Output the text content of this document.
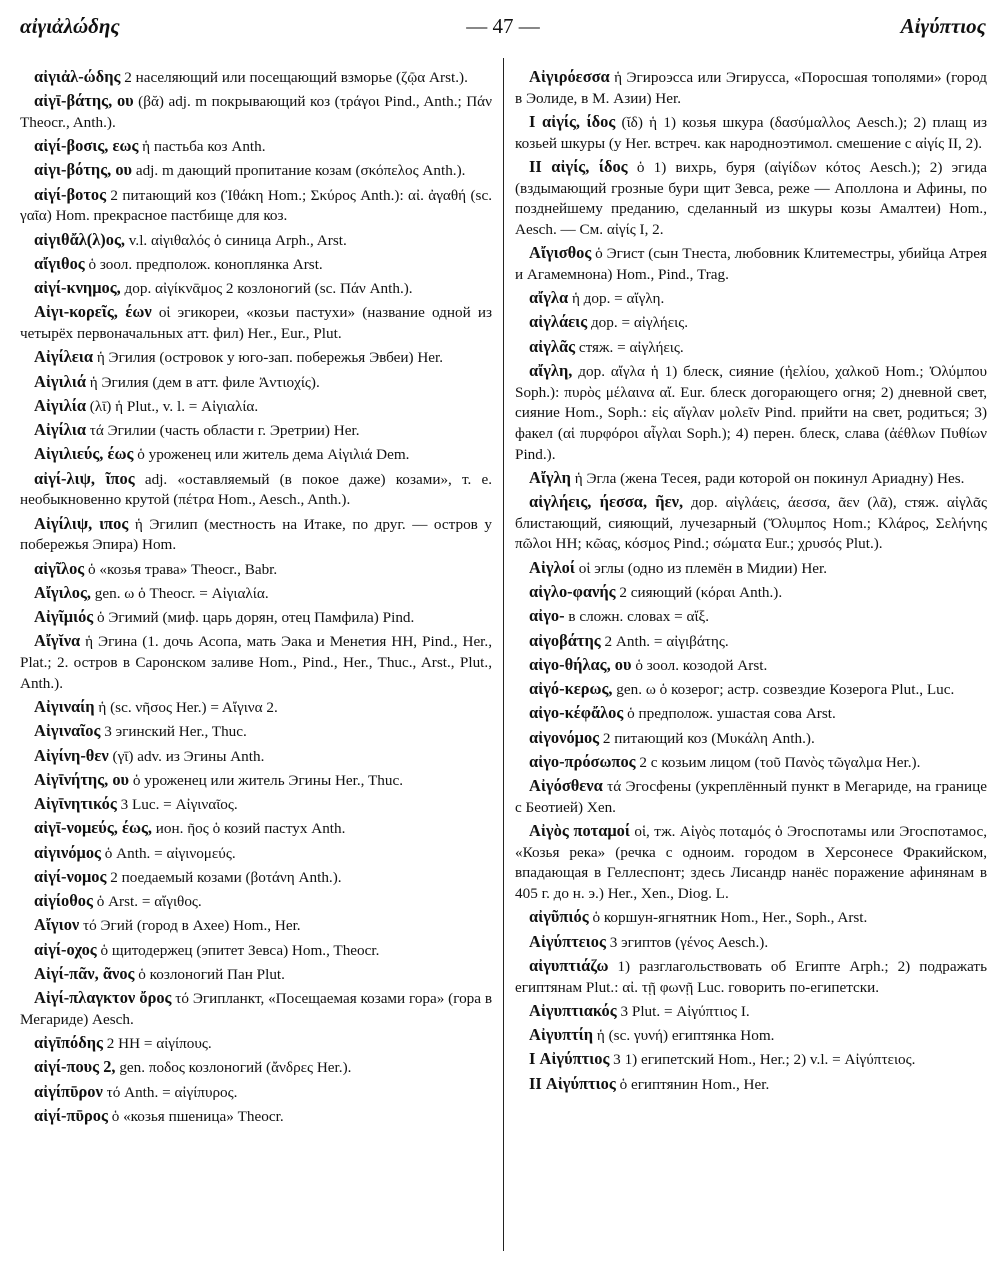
αἰγιἀλώδης	— 47 —	Αἰγύπτιος

αἰγιἀλ-ώδης 2 населяющий или посещающий взморье (ζῷα Arst.).

αἰγῑ-βάτης, ου (βᾰ) adj. m покрывающий коз (τράγοι Pind., Anth.; Πάν Theocr., Anth.).

αἰγί-βοσις, εως ἡ пастьба коз Anth.

αἰγι-βότης, ου adj. m дающий пропитание козам (σκόπελος Anth.).

αἰγί-βοτος 2 питающий коз (Ἰθάκη Hom.; Σκύρος Anth.): αἰ. ἀγαθή (sc. γαῖα) Hom. прекрасное пастбище для коз.

αἰγιθἄλ(λ)ος, v.l. αἰγιθαλός ὁ синица Arph., Arst.

αἴγιθος ὁ зоол. предполож. коноплянка Arst.

αἰγί-κνημος, дор. αἰγίκνᾱμος 2 козлоногий (sc. Πάν Anth.).

Αἰγι-κορεῖς, έων οἱ эгикореи, «козьи пастухи» (название одной из четырёх первоначальных атт. фил) Her., Eur., Plut.

Αἰγίλεια ἡ Эгилия (островок у юго-зап. побережья Эвбеи) Her.

Αἰγιλιά ἡ Эгилия (дем в атт. филе Ἀντιοχίς).

Αἰγιλία (λῑ) ἡ Plut., v. l. = Αἰγιαλία.

Αἰγίλια τά Эгилии (часть области г. Эретрии) Her.

Αἰγιλιεύς, έως ὁ уроженец или житель дема Αἰγιλιά Dem.

αἰγί-λιψ, ῖπος adj. «оставляемый (в покое даже) козами», т. е. необыкновенно крутой (πέτρα Hom., Aesch., Anth.).

Αἰγίλιψ, ιπος ἡ Эгилип (местность на Итаке, по друг. — остров у побережья Эпира) Hom.

αἰγῖλος ὁ «козья трава» Theocr., Babr.

Αἴγιλος, gen. ω ὁ Theocr. = Αἰγιαλία.

Αἰγῖμιός ὁ Эгимий (миф. царь дорян, отец Памфила) Pind.

Αἴγῐνα ἡ Эгина (1. дочь Асопа, мать Эака и Менетия HH, Pind., Her., Plat.; 2. остров в Саронском заливе Hom., Pind., Her., Thuc., Arst., Plut., Anth.).

Αἰγιναίη ἡ (sc. νῆσος Her.) = Αἴγινα 2.

Αἰγιναῖος 3 эгинский Her., Thuc.

Αἰγίνη-θεν (γῑ) adv. из Эгины Anth.

Αἰγῑνήτης, ου ὁ уроженец или житель Эгины Her., Thuc.

Αἰγῑνητικός 3 Luc. = Αἰγιναῖος.

αἰγῑ-νομεύς, έως, ион. ῆος ὁ козий пастух Anth.

αἰγινόμος ὁ Anth. = αἰγινομεύς.

αἰγί-νομος 2 поедаемый козами (βοτάνη Anth.).

αἰγίοθος ὁ Arst. = αἴγιθος.

Αἴγιον τό Эгий (город в Ахее) Hom., Her.

αἰγί-οχος ὁ щитодержец (эпитет Зевса) Hom., Theocr.

Αἰγί-πᾶν, ᾶνος ὁ козлоногий Пан Plut.

Αἰγί-πλαγκτον ὄρος τό Эгипланкт, «Посещаемая козами гора» (гора в Мегариде) Aesch.

αἰγῑπόδης 2 HH = αἰγίπους.

αἰγί-πους 2, gen. ποδος козлоногий (ἄνδρες Her.).

αἰγίπῡρον τό Anth. = αἰγίπυρος.

αἰγί-πῡρος ὁ «козья пшеница» Theocr.

Αἰγιρόεσσα ἡ Эгироэсса или Эгирусса, «Поросшая тополями» (город в Эолиде, в М. Азии) Her.

I αἰγίς, ίδος (ῐδ) ἡ 1) козья шкура (δασύμαλλος Aesch.); 2) плащ из козьей шкуры (у Her. встреч. как народноэтимол. смешение с αἰγίς II, 2).

II αἰγίς, ίδος ὁ 1) вихрь, буря (αἰγίδων κότος Aesch.); 2) эгида (вздымающий грозные бури щит Зевса, реже — Аполлона и Афины, по позднейшему преданию, сделанный из шкуры козы Амалтеи) Hom., Aesch. — См. αἰγίς I, 2.

Αἴγισθος ὁ Эгист (сын Тнеста, любовник Клитеместры, убийца Атрея и Агамемнона) Hom., Pind., Trag.

αἴγλα ἡ дор. = αἴγλη.

αἰγλάεις дор. = αἰγλήεις.

αἰγλᾶς стяж. = αἰγλήεις.

αἴγλη, дор. αἴγλα ἡ 1) блеск, сияние (ἠελίου, χαλκοῦ Hom.; Ὀλύμπου Soph.): πυρὸς μέλαινα αἴ. Eur. блеск догорающего огня; 2) дневной свет, сияние Hom., Soph.: εἰς αἴγλαν μολεῖν Pind. прийти на свет, родиться; 3) факел (αἱ πυρφόροι αἶγλαι Soph.); 4) перен. блеск, слава (ἀέθλων Πυθίων Pind.).

Αἴγλη ἡ Эгла (жена Тесея, ради которой он покинул Ариадну) Hes.

αἰγλήεις, ήεσσα, ῆεν, дор. αἰγλάεις, άεσσα, ᾶεν (λᾶ), стяж. αἰγλᾶς блистающий, сияющий, лучезарный (Ὄλυμπος Hom.; Κλάρος, Σελήνης πῶλοι HH; κῶας, κόσμος Pind.; σώματα Eur.; χρυσός Plut.).

Αἰγλοί οἱ эглы (одно из племён в Мидии) Her.

αἰγλο-φανής 2 сияющий (κόραι Anth.).

αἰγο- в сложн. словах = αἴξ.

αἰγοβάτης 2 Anth. = αἰγιβάτης.

αἰγο-θήλας, ου ὁ зоол. козодой Arst.

αἰγό-κερως, gen. ω ὁ козерог; астр. созвездие Козерога Plut., Luc.

αἰγο-κέφἄλος ὁ предполож. ушастая сова Arst.

αἰγονόμος 2 питающий коз (Μυκάλη Anth.).

αἰγο-πρόσωπος 2 с козьим лицом (τοῦ Πανὸς τῶγαλμα Her.).

Αἰγόσθενα τά Эгосфены (укреплённый пункт в Мегариде, на границе с Беотией) Xen.

Αἰγὸς ποταμοί οἱ, тж. Αἰγὸς ποταμός ὁ Эгоспотамы или Эгоспотамос, «Козья река» (речка с одноим. городом в Херсонесе Фракийском, впадающая в Геллеспонт; здесь Лисандр нанёс поражение афинянам в 405 г. до н. э.) Her., Xen., Diog. L.

αἰγῦπιός ὁ коршун-ягнятник Hom., Her., Soph., Arst.

Αἰγύπτειος 3 эгиптов (γένος Aesch.).

αἰγυπτιάζω 1) разглагольствовать об Египте Arph.; 2) подражать египтянам Plut.: αἰ. τῇ φωνῇ Luc. говорить по-египетски.

Αἰγυπτιακός 3 Plut. = Αἰγύπτιος I.

Αἰγυπτίη ἡ (sc. γυνή) египтянка Hom.

I Αἰγύπτιος 3 1) египетский Hom., Her.; 2) v.l. = Αἰγύπτειος.

II Αἰγύπτιος ὁ египтянин Hom., Her.
